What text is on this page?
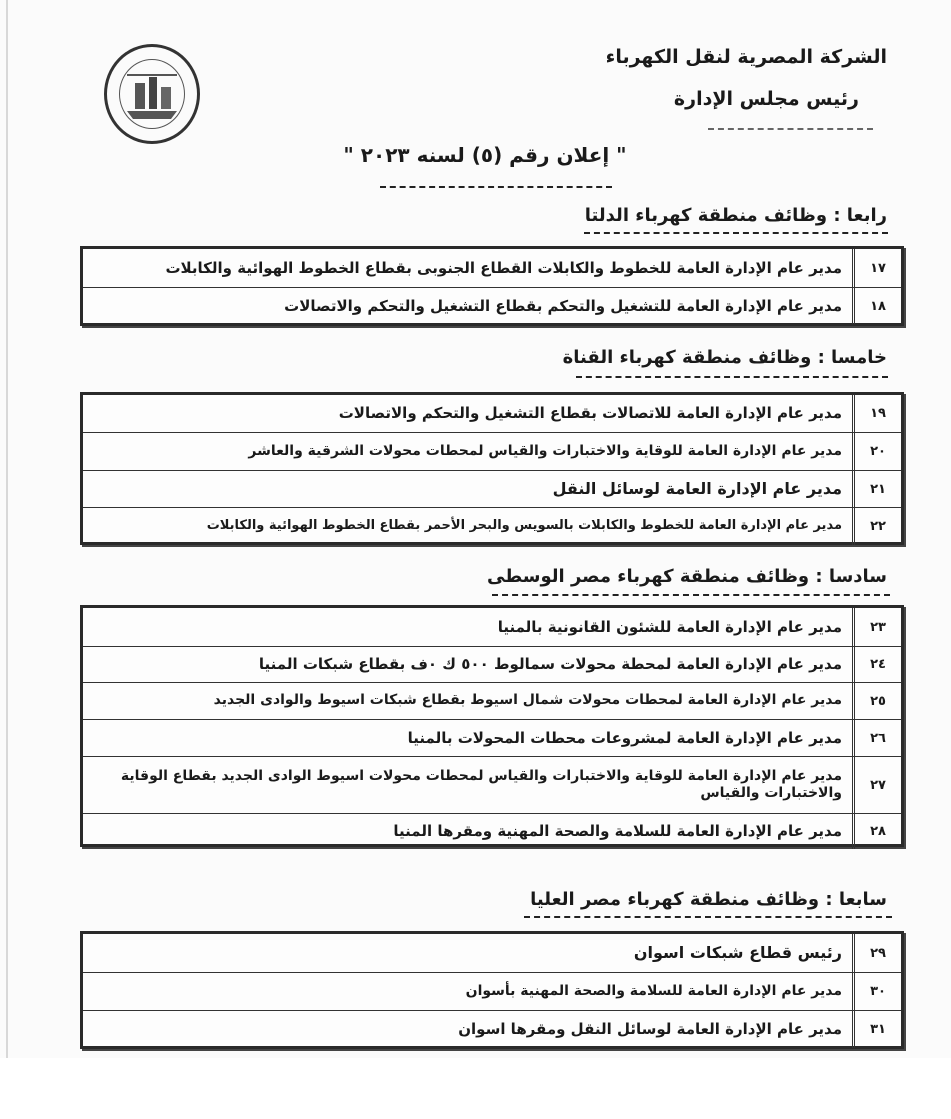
الشركة المصرية لنقل الكهرباء
رئيس مجلس الإدارة
" إعلان رقم (٥) لسنه ٢٠٢٣ "
رابعا : وظائف منطقة كهرباء الدلتا
١٧
مدير عام الإدارة العامة للخطوط والكابلات القطاع الجنوبى بقطاع الخطوط الهوائية والكابلات
١٨
مدير عام الإدارة العامة للتشغيل والتحكم بقطاع التشغيل والتحكم والاتصالات
خامسا : وظائف منطقة كهرباء القناة
١٩
مدير عام الإدارة العامة للاتصالات بقطاع التشغيل والتحكم والاتصالات
٢٠
مدير عام الإدارة العامة للوقاية والاختبارات والقياس لمحطات محولات الشرقية والعاشر
٢١
مدير عام الإدارة العامة لوسائل النقل
٢٢
مدير عام الإدارة العامة للخطوط والكابلات بالسويس والبحر الأحمر بقطاع الخطوط الهوائية والكابلات
سادسا : وظائف منطقة كهرباء مصر الوسطى
٢٣
مدير عام الإدارة العامة للشئون القانونية بالمنيا
٢٤
مدير عام الإدارة العامة لمحطة محولات سمالوط ٥٠٠ ك ٠ف بقطاع شبكات المنيا
٢٥
مدير عام الإدارة العامة لمحطات محولات شمال اسيوط بقطاع شبكات اسيوط والوادى الجديد
٢٦
مدير عام الإدارة العامة لمشروعات محطات المحولات بالمنيا
٢٧
مدير عام الإدارة العامة للوقاية والاختبارات والقياس لمحطات محولات اسيوط الوادى الجديد بقطاع الوقاية والاختبارات والقياس
٢٨
مدير عام الإدارة العامة للسلامة والصحة المهنية ومقرها المنيا
سابعا : وظائف منطقة كهرباء مصر العليا
٢٩
رئيس قطاع شبكات اسوان
٣٠
مدير عام الإدارة العامة للسلامة والصحة المهنية بأسوان
٣١
مدير عام الإدارة العامة لوسائل النقل ومقرها اسوان
